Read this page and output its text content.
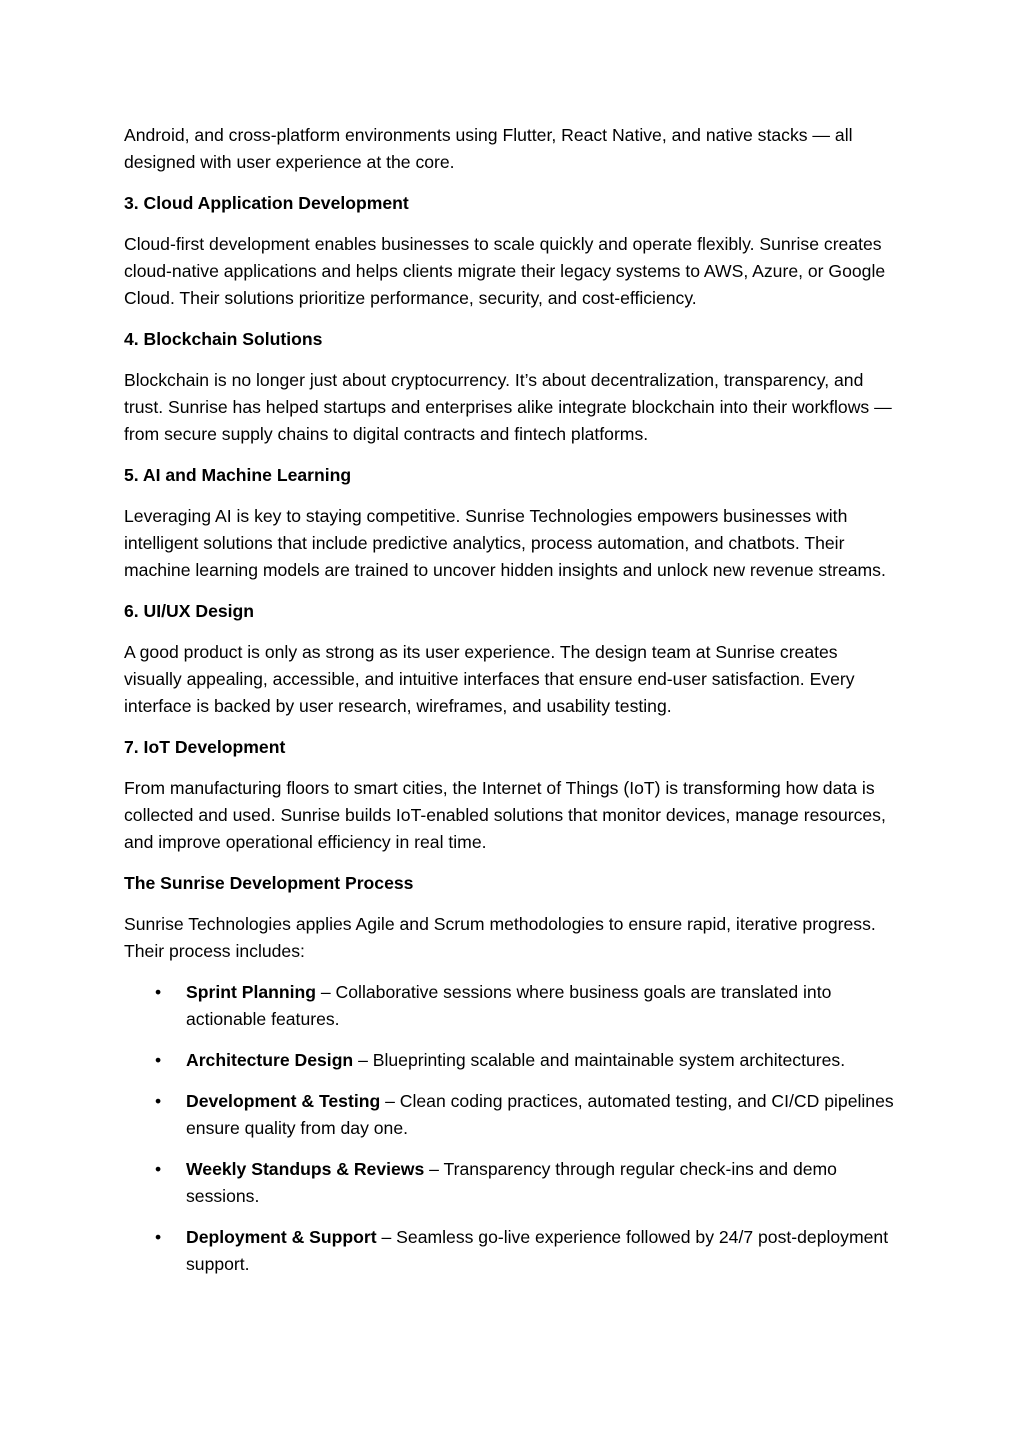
Android, and cross-platform environments using Flutter, React Native, and native stacks — all designed with user experience at the core.

3. Cloud Application Development

Cloud-first development enables businesses to scale quickly and operate flexibly. Sunrise creates cloud-native applications and helps clients migrate their legacy systems to AWS, Azure, or Google Cloud. Their solutions prioritize performance, security, and cost-efficiency.

4. Blockchain Solutions

Blockchain is no longer just about cryptocurrency. It’s about decentralization, transparency, and trust. Sunrise has helped startups and enterprises alike integrate blockchain into their workflows — from secure supply chains to digital contracts and fintech platforms.

5. AI and Machine Learning

Leveraging AI is key to staying competitive. Sunrise Technologies empowers businesses with intelligent solutions that include predictive analytics, process automation, and chatbots. Their machine learning models are trained to uncover hidden insights and unlock new revenue streams.

6. UI/UX Design

A good product is only as strong as its user experience. The design team at Sunrise creates visually appealing, accessible, and intuitive interfaces that ensure end-user satisfaction. Every interface is backed by user research, wireframes, and usability testing.

7. IoT Development

From manufacturing floors to smart cities, the Internet of Things (IoT) is transforming how data is collected and used. Sunrise builds IoT-enabled solutions that monitor devices, manage resources, and improve operational efficiency in real time.

The Sunrise Development Process

Sunrise Technologies applies Agile and Scrum methodologies to ensure rapid, iterative progress. Their process includes:

• Sprint Planning – Collaborative sessions where business goals are translated into actionable features.
• Architecture Design – Blueprinting scalable and maintainable system architectures.
• Development & Testing – Clean coding practices, automated testing, and CI/CD pipelines ensure quality from day one.
• Weekly Standups & Reviews – Transparency through regular check-ins and demo sessions.
• Deployment & Support – Seamless go-live experience followed by 24/7 post-deployment support.
